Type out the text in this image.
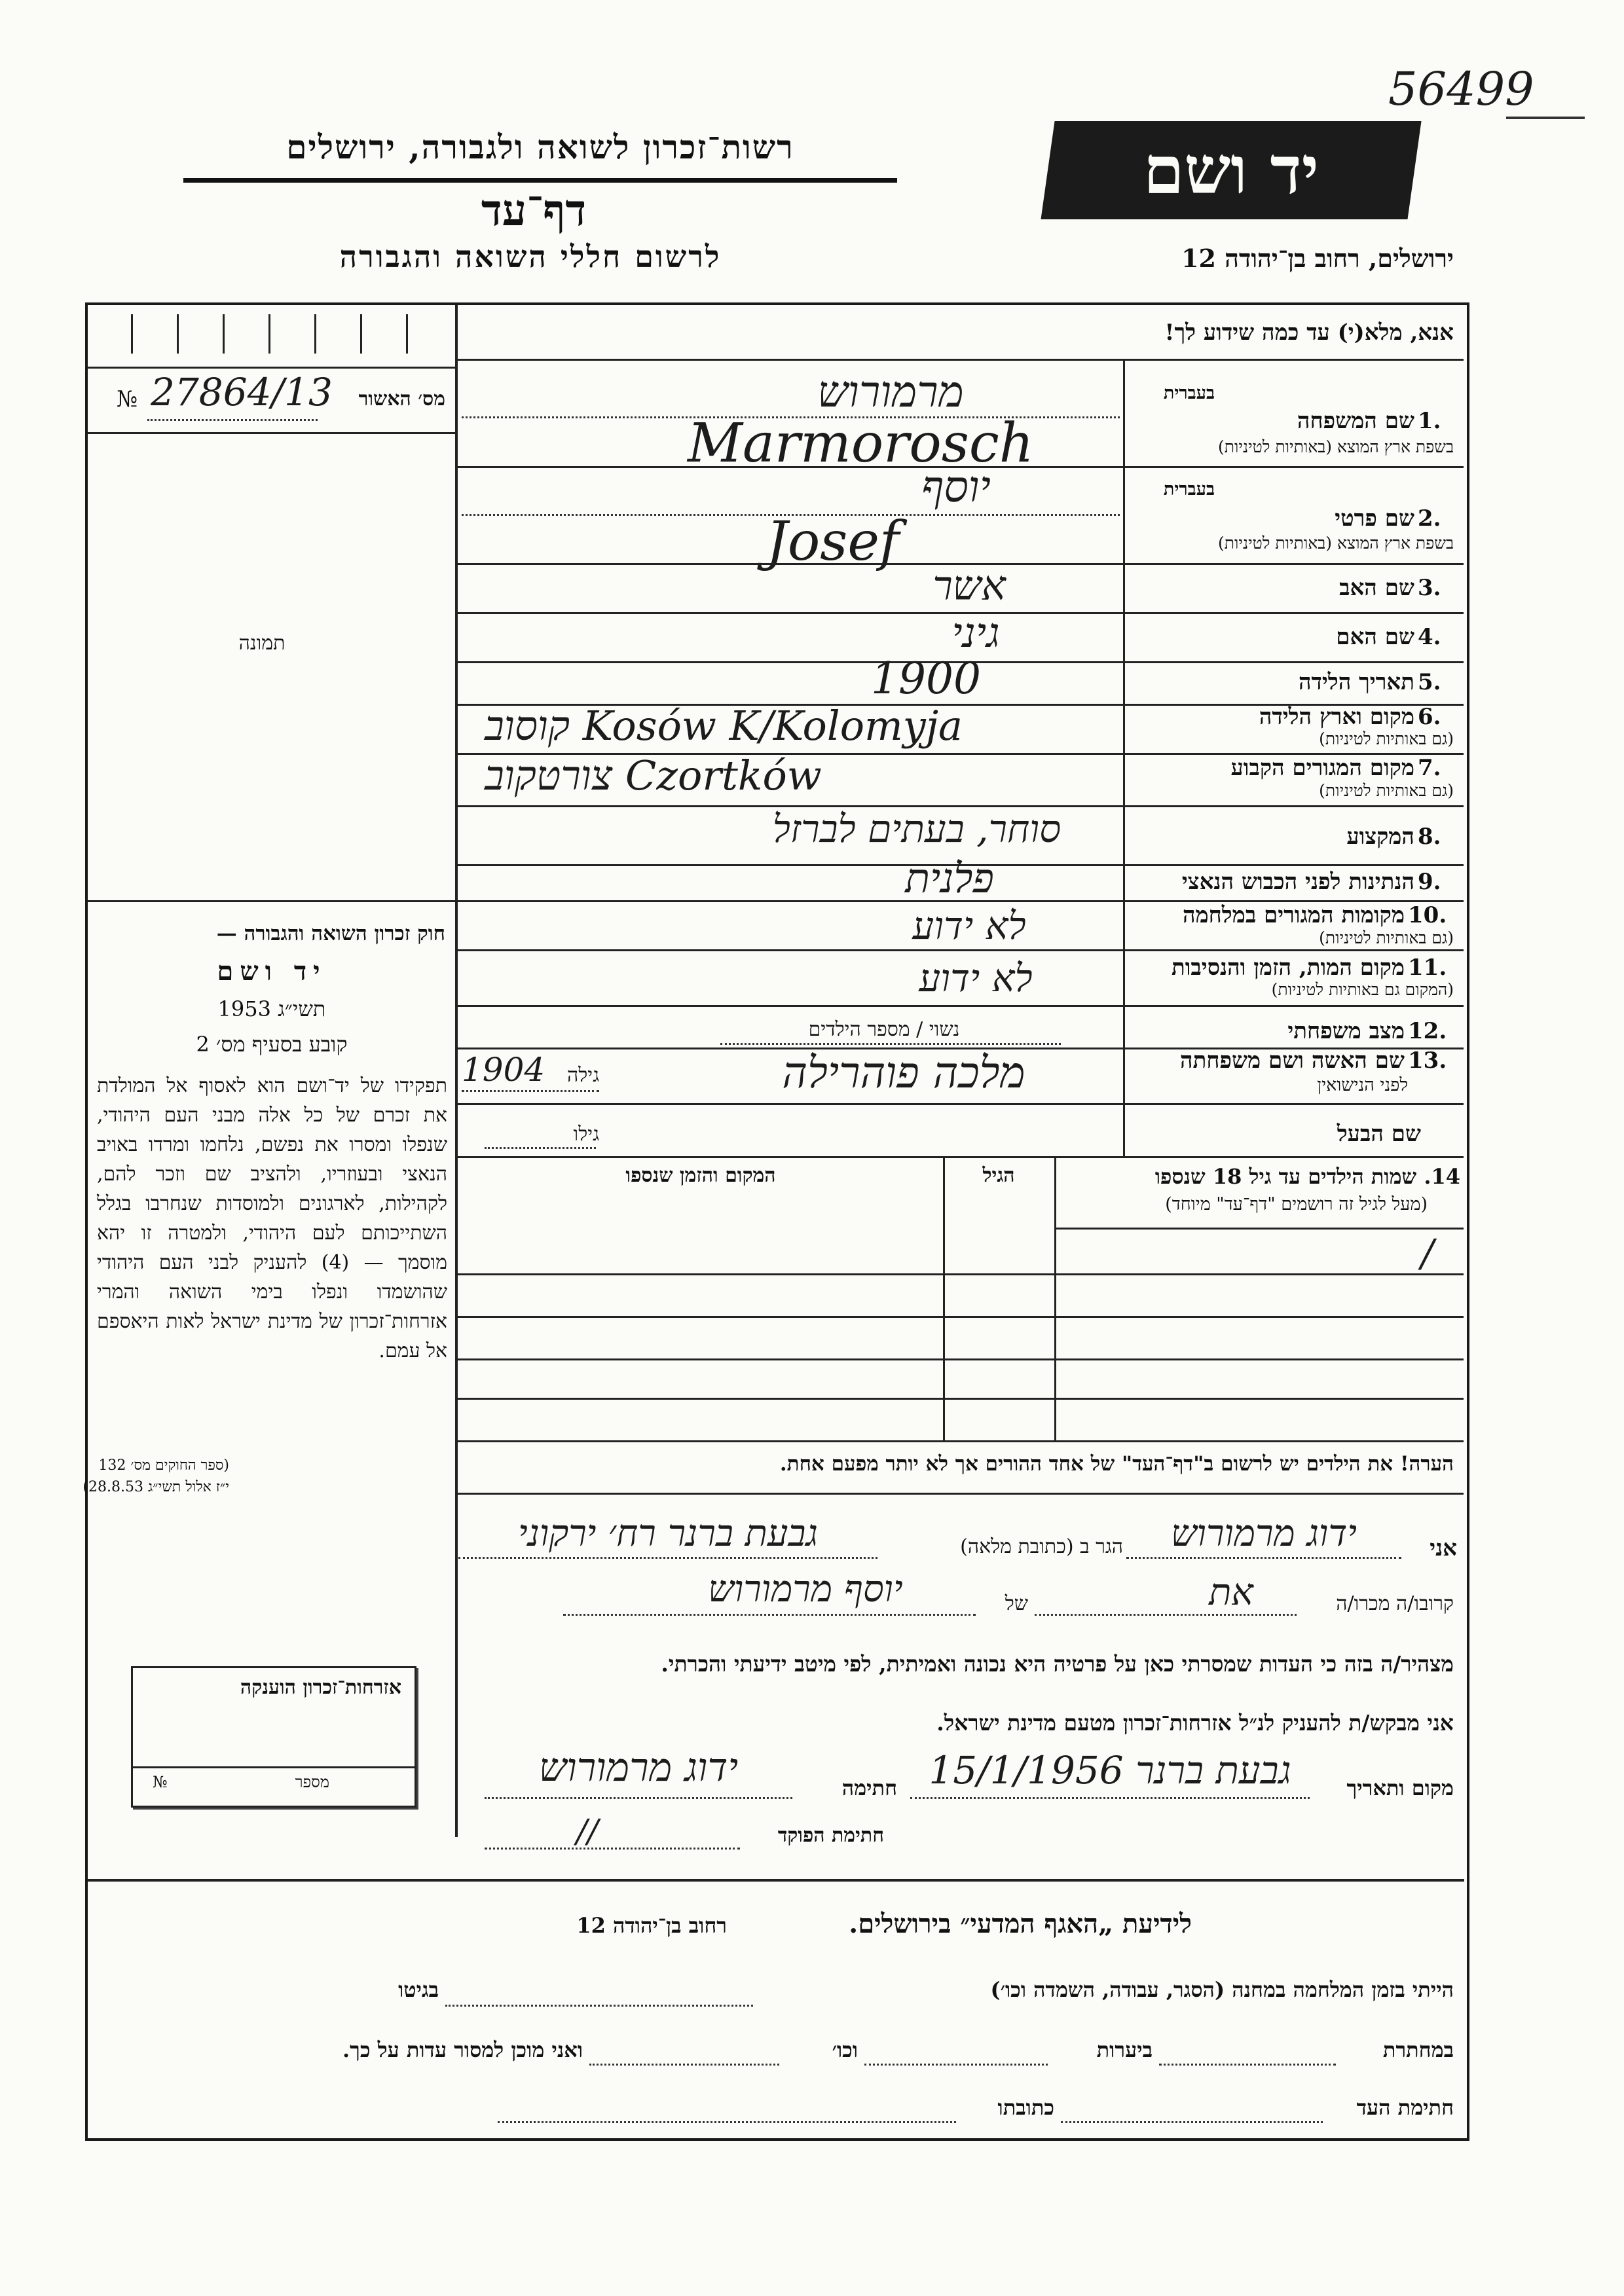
56499
רשות־זכרון לשואה ולגבורה, ירושלים
דף־עד
לרשום חללי השואה והגבורה
יד ושם
ירושלים, רחוב בן־יהודה 12
№ 27864/13	מס׳ האשור
תמונה
חוק זכרון השואה והגבורה —
יד ושם
תשי״ג 1953
קובע בסעיף מס׳ 2
תפקידו של יד־ושם הוא לאסוף אל המולדת את זכרם של כל אלה מבני העם היהודי, שנפלו ומסרו את נפשם, נלחמו ומרדו באויב הנאצי ובעוזריו, ולהציב שם וזכר להם, לקהילות, לארגונים ולמוסדות שנחרבו בגלל השתייכותם לעם היהודי, ולמטרה זו יהא מוסמך — (4) להעניק לבני העם היהודי שהושמדו ונפלו בימי השואה והמרי אזרחות־זכרון של מדינת ישראל לאות היאספם אל עמם.
(ספר החוקים מס׳ 132
י״ז אלול תשי״ג 28.8.53)
אנא, מלא(י) עד כמה שידוע לך!
בעברית
1.
שם המשפחה
בשפת ארץ המוצא (באותיות לטיניות)
מרמורוש
Marmorosch
בעברית
2.
שם פרטי
בשפת ארץ המוצא (באותיות לטיניות)
יוסף
Josef
3.
שם האב
אשר
4.
שם האם
גיני
5.
תאריך הלידה
1900
6.
מקום וארץ הלידה
(גם באותיות לטיניות)
קוסוב Kosów K/Kolomyja
7.
מקום המגורים הקבוע
(גם באותיות לטיניות)
צורטקוב Czortków
8.
המקצוע
סוחר, בעתים לברזל
9.
הנתינות לפני הכבוש הנאצי
פלנית
10.
מקומות המגורים במלחמה
(גם באותיות לטיניות)
לא ידוע
11.
מקום המות, הזמן והנסיבות
(המקום גם באותיות לטיניות)
לא ידוע
12.
מצב משפחתי
נשוי / מספר הילדים
13.
שם האשה ושם משפחתה
לפני הנישואין
מלכה פוהרילה
גילה
1904
שם הבעל
גילו
14. שמות הילדים עד גיל 18 שנספו
(מעל לגיל זה רושמים "דף־עד" מיוחד)
הגיל
המקום והזמן שנספו
/
הערה! את הילדים יש לרשום ב"דף־העד" של אחד ההורים אך לא יותר מפעם אחת.
אני
ידוג מרמורוש
הגר ב (כתובת מלאה)
גבעת ברנר רח׳ ירקוני
קרובו/ה מכרו/ה
את
של
יוסף מרמורוש
מצהיר/ה בזה כי העדות שמסרתי כאן על פרטיה היא נכונה ואמיתית, לפי מיטב ידיעתי והכרתי.
אני מבקש/ת להעניק לנ״ל אזרחות־זכרון מטעם מדינת ישראל.
מקום ותאריך
גבעת ברנר 15/1/1956
חתימה
ידוג מרמורוש
חתימת הפוקד
//
אזרחות־זכרון הוענקה
מספר
№
לידיעת „האגף המדעי״ בירושלים.
רחוב בן־יהודה 12
הייתי בזמן המלחמה במחנה (הסגר, עבודה, השמדה וכו׳)
בגיטו
במחתרת
ביערות
וכו׳
ואני מוכן למסור עדות על כך.
חתימת העד
כתובתו
